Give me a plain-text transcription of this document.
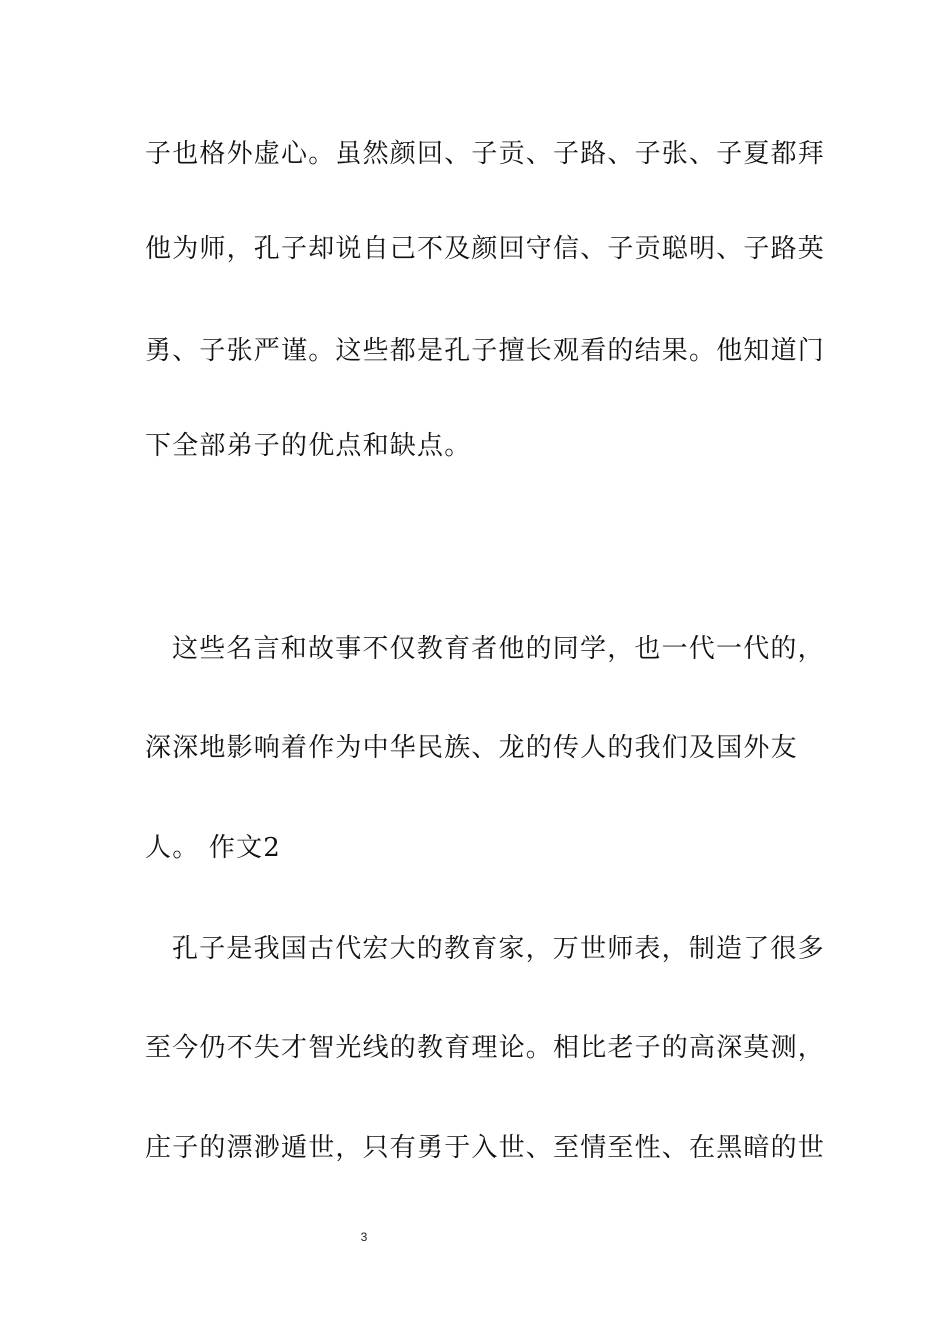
子也格外虚心。虽然颜回、子贡、子路、子张、子夏都拜
他为师，孔子却说自己不及颜回守信、子贡聪明、子路英
勇、子张严谨。这些都是孔子擅长观看的结果。他知道门
下全部弟子的优点和缺点。
这些名言和故事不仅教育者他的同学，也一代一代的，
深深地影响着作为中华民族、龙的传人的我们及国外友
人。 作文2
孔子是我国古代宏大的教育家，万世师表，制造了很多
至今仍不失才智光线的教育理论。相比老子的高深莫测，
庄子的漂渺遁世，只有勇于入世、至情至性、在黑暗的世
3
